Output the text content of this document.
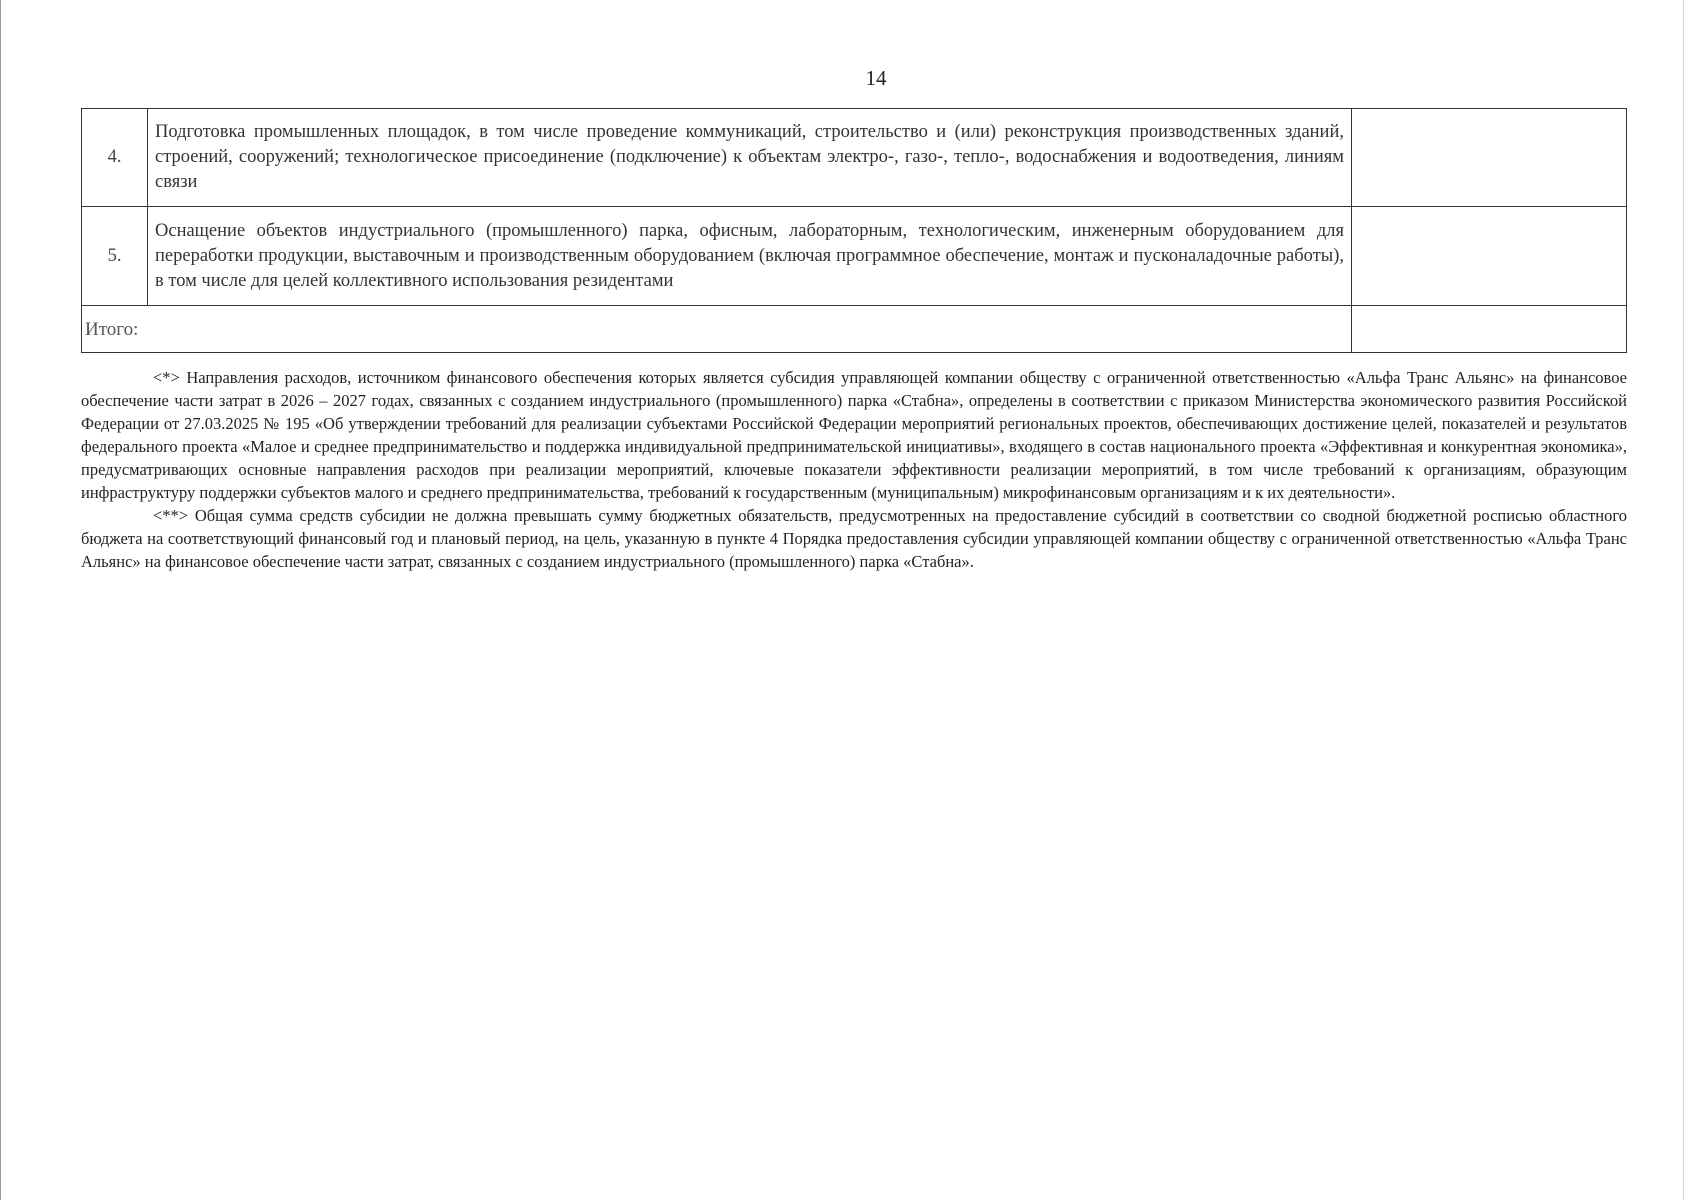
14
4.	Подготовка промышленных площадок, в том числе проведение коммуникаций, строительство и (или) реконструкция производственных зданий, строений, сооружений; технологическое присоединение (подключение) к объектам электро-, газо-, тепло-, водоснабжения и водоотведения, линиям связи	
5.	Оснащение объектов индустриального (промышленного) парка, офисным, лабораторным, технологическим, инженерным оборудованием для переработки продукции, выставочным и производственным оборудованием (включая программное обеспечение, монтаж и пусконаладочные работы), в том числе для целей коллективного использования резидентами	
Итого:		

<*> Направления расходов, источником финансового обеспечения которых является субсидия управляющей компании обществу с ограниченной ответственностью «Альфа Транс Альянс» на финансовое обеспечение части затрат в 2026 – 2027 годах, связанных с созданием индустриального (промышленного) парка «Стабна», определены в соответствии с приказом Министерства экономического развития Российской Федерации от 27.03.2025 № 195 «Об утверждении требований для реализации субъектами Российской Федерации мероприятий региональных проектов, обеспечивающих достижение целей, показателей и результатов федерального проекта «Малое и среднее предпринимательство и поддержка индивидуальной предпринимательской инициативы», входящего в состав национального проекта «Эффективная и конкурентная экономика», предусматривающих основные направления расходов при реализации мероприятий, ключевые показатели эффективности реализации мероприятий, в том числе требований к организациям, образующим инфраструктуру поддержки субъектов малого и среднего предпринимательства, требований к государственным (муниципальным) микрофинансовым организациям и к их деятельности».

<**> Общая сумма средств субсидии не должна превышать сумму бюджетных обязательств, предусмотренных на предоставление субсидий в соответствии со сводной бюджетной росписью областного бюджета на соответствующий финансовый год и плановый период, на цель, указанную в пункте 4 Порядка предоставления субсидии управляющей компании обществу с ограниченной ответственностью «Альфа Транс Альянс» на финансовое обеспечение части затрат, связанных с созданием индустриального (промышленного) парка «Стабна».
